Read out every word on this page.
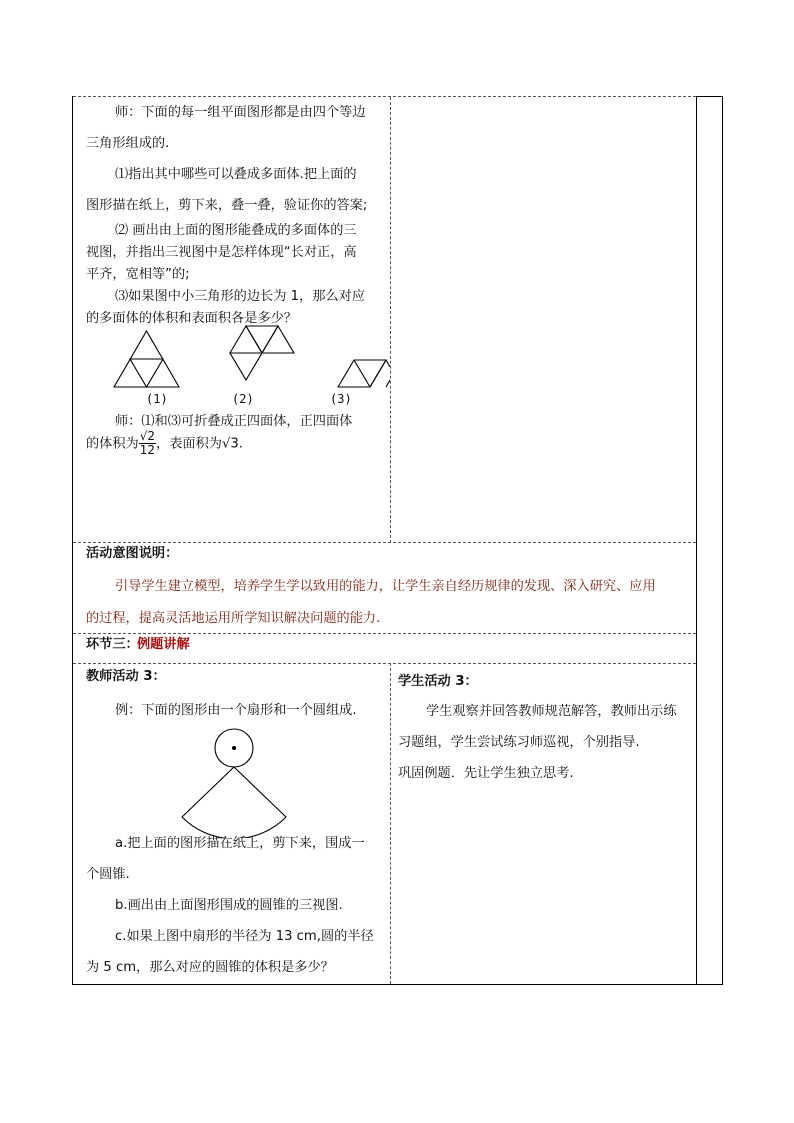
师：下面的每一组平面图形都是由四个等边
三角形组成的.
⑴指出其中哪些可以叠成多面体.把上面的
图形描在纸上，剪下来，叠一叠，验证你的答案;
⑵ 画出由上面的图形能叠成的多面体的三
视图，并指出三视图中是怎样体现“长对正，高
平齐，宽相等”的;
⑶如果图中小三角形的边长为 1，那么对应
的多面体的体积和表面积各是多少？
(1)	(2)	(3)
师：⑴和⑶可折叠成正四面体，正四面体
的体积为 $\frac{√2}{12}$ ，表面积为√3.
活动意图说明：
引导学生建立模型，培养学生学以致用的能力，让学生亲自经历规律的发现、深入研究、应用
的过程，提高灵活地运用所学知识解决问题的能力.
环节三：
例题讲解
教师活动 3：
例：下面的图形由一个扇形和一个圆组成.
a.把上面的图形描在纸上，剪下来，围成一
个圆锥.
b.画出由上面图形围成的圆锥的三视图.
c.如果上图中扇形的半径为 13 cm,圆的半径
为 5 cm，那么对应的圆锥的体积是多少？
学生活动 3：
学生观察并回答教师规范解答，教师出示练
习题组，学生尝试练习师巡视，个别指导.
巩固例题．先让学生独立思考.
